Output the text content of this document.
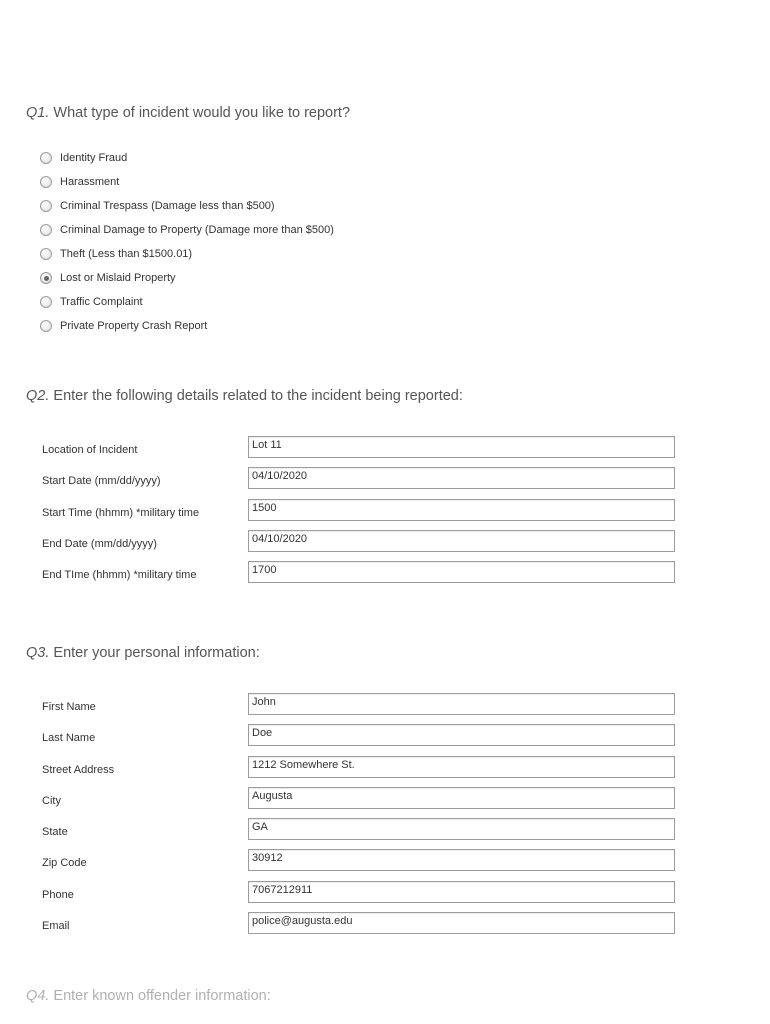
Q1. What type of incident would you like to report?
Identity Fraud
Harassment
Criminal Trespass (Damage less than $500)
Criminal Damage to Property (Damage more than $500)
Theft (Less than $1500.01)
Lost or Mislaid Property
Traffic Complaint
Private Property Crash Report
Q2. Enter the following details related to the incident being reported:
Location of Incident	Lot 11
Start Date (mm/dd/yyyy)	04/10/2020
Start Time (hhmm) *military time	1500
End Date (mm/dd/yyyy)	04/10/2020
End TIme (hhmm) *military time	1700
Q3. Enter your personal information:
First Name	John
Last Name	Doe
Street Address	1212 Somewhere St.
City	Augusta
State	GA
Zip Code	30912
Phone	7067212911
Email	police@augusta.edu
Q4. Enter known offender information:
